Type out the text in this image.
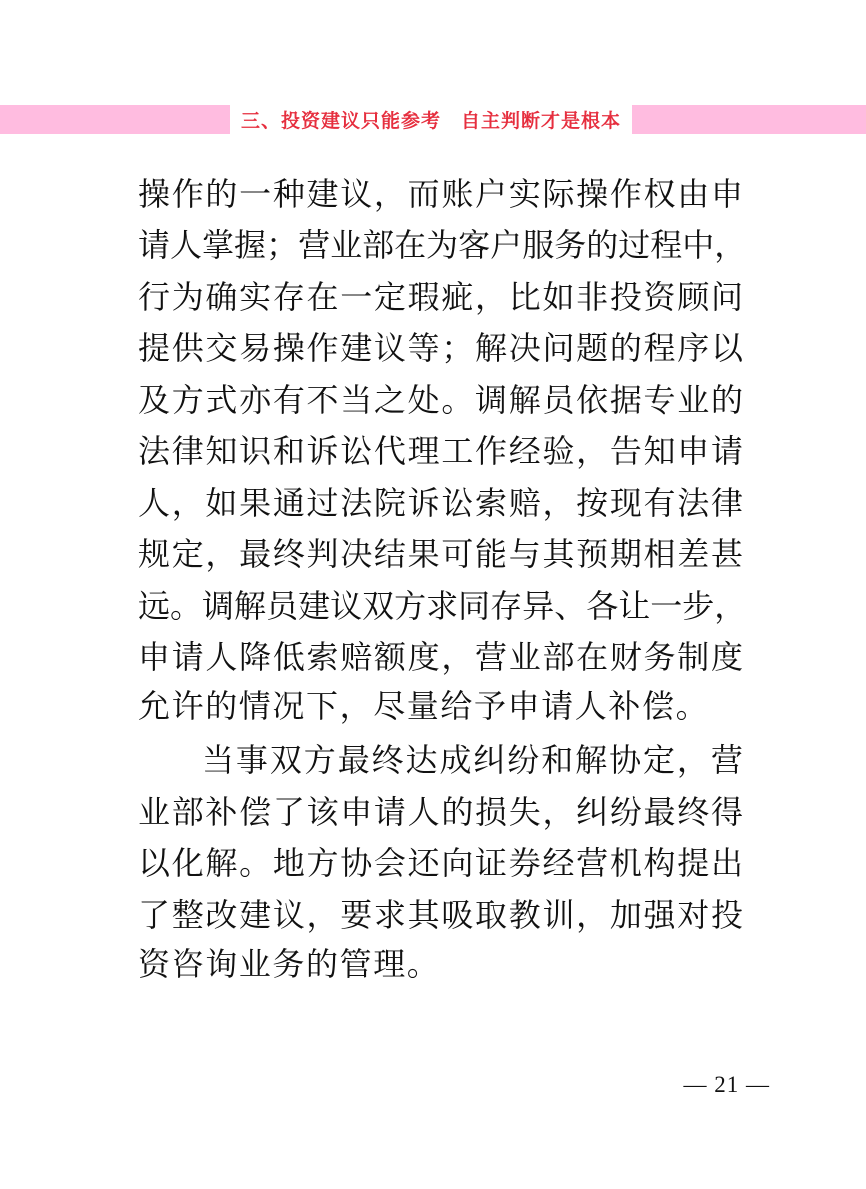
三、投资建议只能参考　自主判断才是根本
操 作 的 一 种 建 议 ， 而 账 户 实 际 操 作 权 由 申
请 人 掌 握 ； 营 业 部 在 为 客 户 服 务 的 过 程 中 ，
行 为 确 实 存 在 一 定 瑕 疵 ， 比 如 非 投 资 顾 问
提 供 交 易 操 作 建 议 等 ； 解 决 问 题 的 程 序 以
及 方 式 亦 有 不 当 之 处 。 调 解 员 依 据 专 业 的
法 律 知 识 和 诉 讼 代 理 工 作 经 验 ， 告 知 申 请
人 ， 如 果 通 过 法 院 诉 讼 索 赔 ， 按 现 有 法 律
规 定 ， 最 终 判 决 结 果 可 能 与 其 预 期 相 差 甚
远 。 调 解 员 建 议 双 方 求 同 存 异 、 各 让 一 步 ，
申 请 人 降 低 索 赔 额 度 ， 营 业 部 在 财 务 制 度
允许的情况下，尽量给予申请人补偿。
当 事 双 方 最 终 达 成 纠 纷 和 解 协 定 ， 营
业 部 补 偿 了 该 申 请 人 的 损 失 ， 纠 纷 最 终 得
以 化 解 。 地 方 协 会 还 向 证 券 经 营 机 构 提 出
了 整 改 建 议 ， 要 求 其 吸 取 教 训 ， 加 强 对 投
资咨询业务的管理。
— 21 —
